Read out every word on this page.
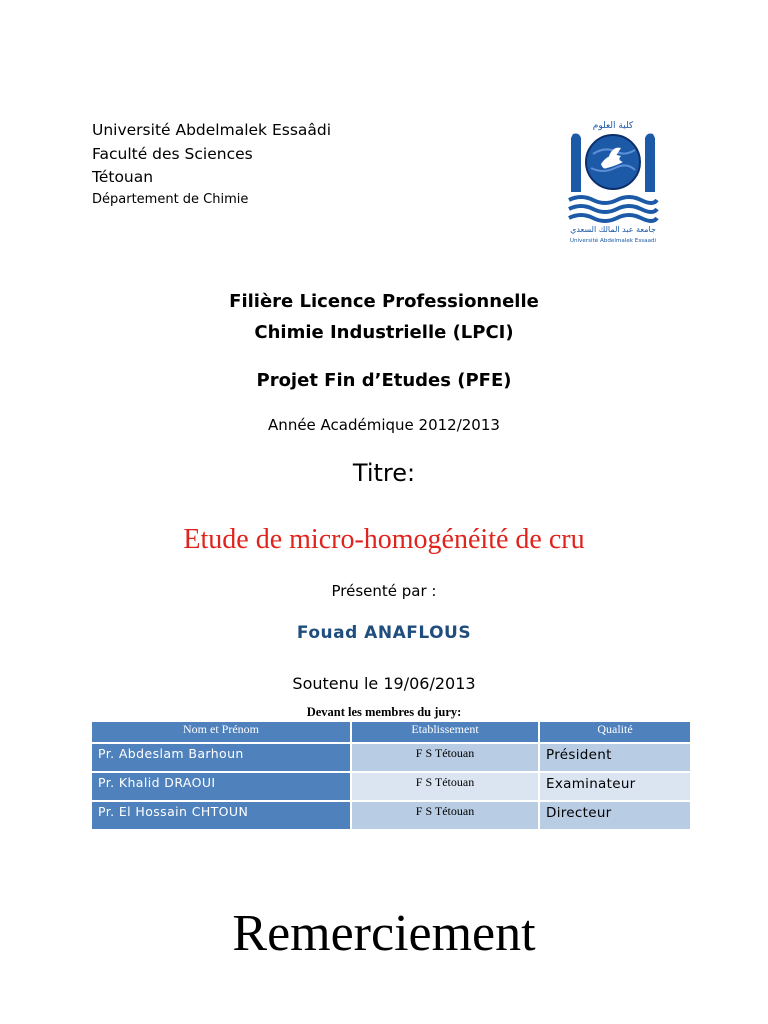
Université Abdelmalek Essaâdi
Faculté des Sciences
Tétouan
Département de Chimie
كلية العلوم
جامعة عبد المالك السعدي
Université Abdelmalek Essaadi
Filière Licence Professionnelle
Chimie Industrielle (LPCI)
Projet Fin d’Etudes (PFE)
Année Académique 2012/2013
Titre:
Etude de micro-homogénéité de cru
Présenté par :
Fouad ANAFLOUS
Soutenu le 19/06/2013
Devant les membres du jury:
Nom et Prénom	Etablissement	Qualité
Pr. Abdeslam Barhoun	F S Tétouan	Président
Pr. Khalid DRAOUI	F S Tétouan	Examinateur
Pr. El Hossain CHTOUN	F S Tétouan	Directeur
Remerciement
